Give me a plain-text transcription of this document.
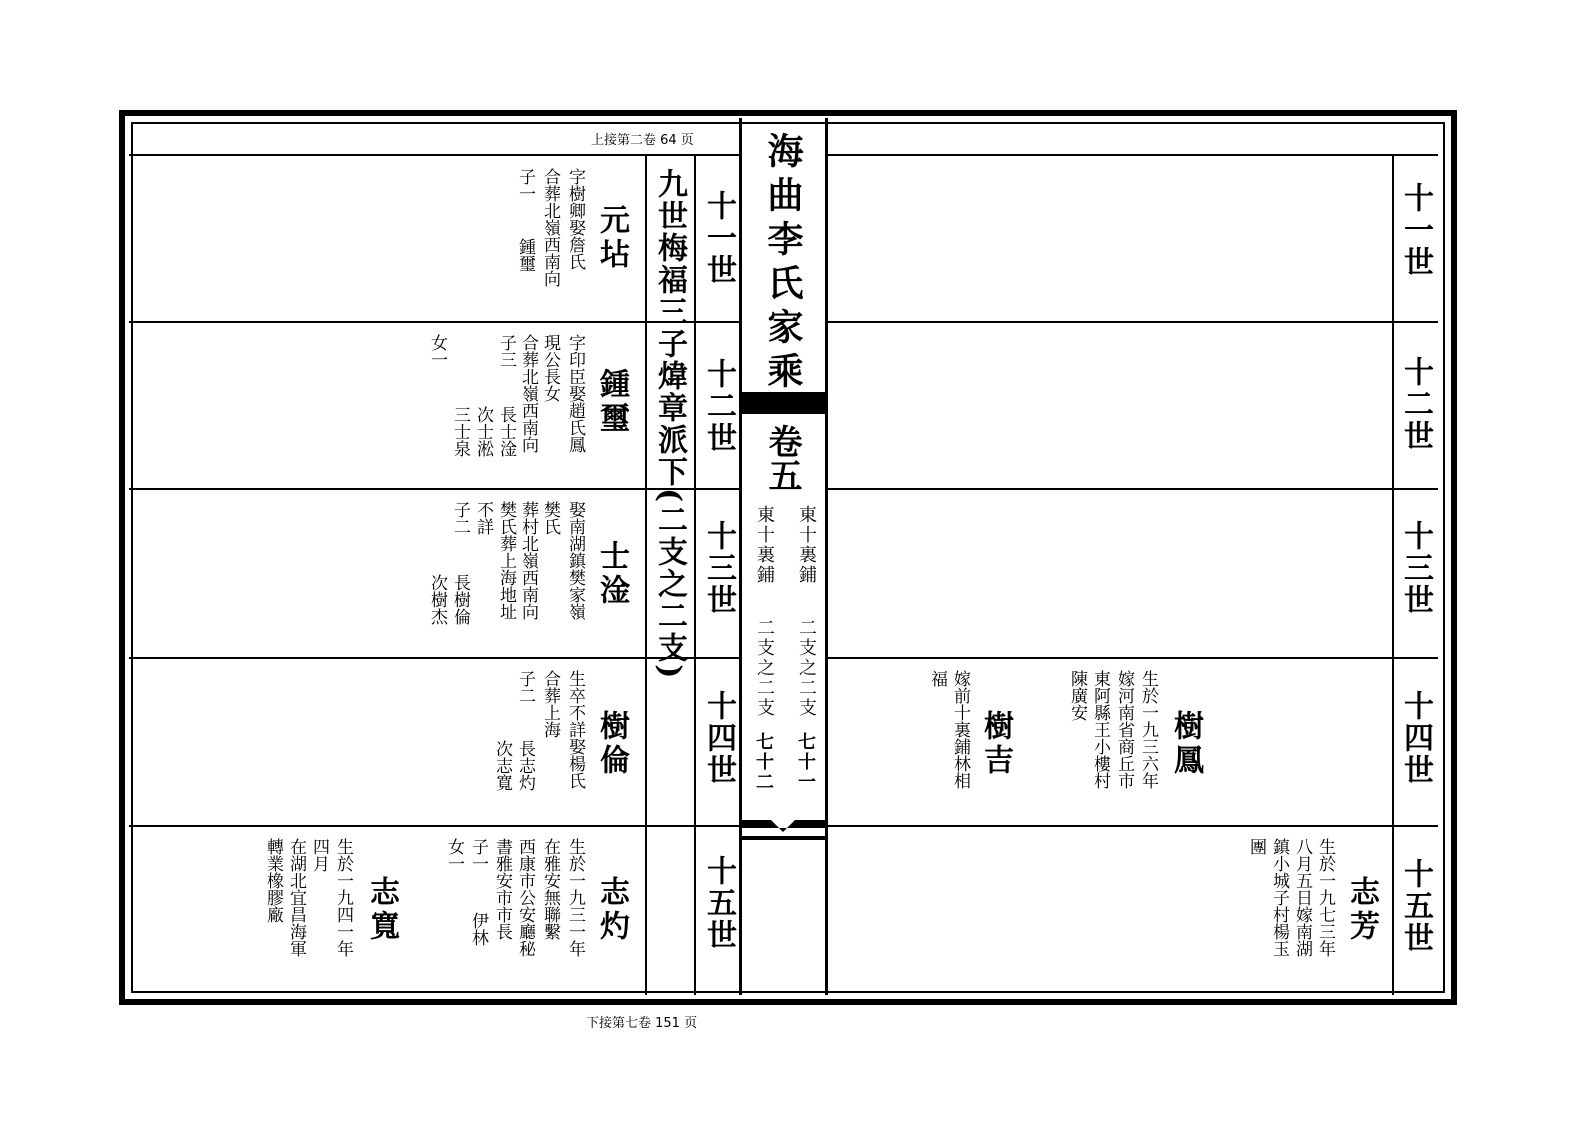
上接第二卷 64 页
下接第七卷 151 页
海曲李氏家乘
卷五
東十裏鋪
二支之二支
七十一
東十裏鋪
二支之二支
七十二
九世梅福三子煒章派下(二支之二支) 十一世
十二世
十三世
十四世
十五世
十一世
十二世
十三世
十四世
十五世
元坫
字樹卿娶詹氏
合葬北嶺西南向
子一
鍾璽
鍾璽
字印臣娶趙氏鳳
現公長女
合葬北嶺西南向
子三
長士淦
次士淞
三士泉
女一
士淦
娶南湖鎮樊家嶺
樊氏
葬村北嶺西南向
樊氏葬上海地址
不詳
子二
長樹倫
次樹杰
樹倫
生卒不詳娶楊氏
合葬上海
子二
長志灼
次志寬
志灼
生於一九三一年
在雅安無聯繫
西康市公安廳秘
書雅安市市長
子一
伊林
女一
志寬
生於一九四一年
四月
在湖北宜昌海軍
轉業橡膠廠
樹鳳
生於一九三六年
嫁河南省商丘市
東阿縣王小樓村
陳廣安
樹吉
嫁前十裏鋪林相
福
志芳
生於一九七三年
八月五日嫁南湖
鎮小城子村楊玉
團
